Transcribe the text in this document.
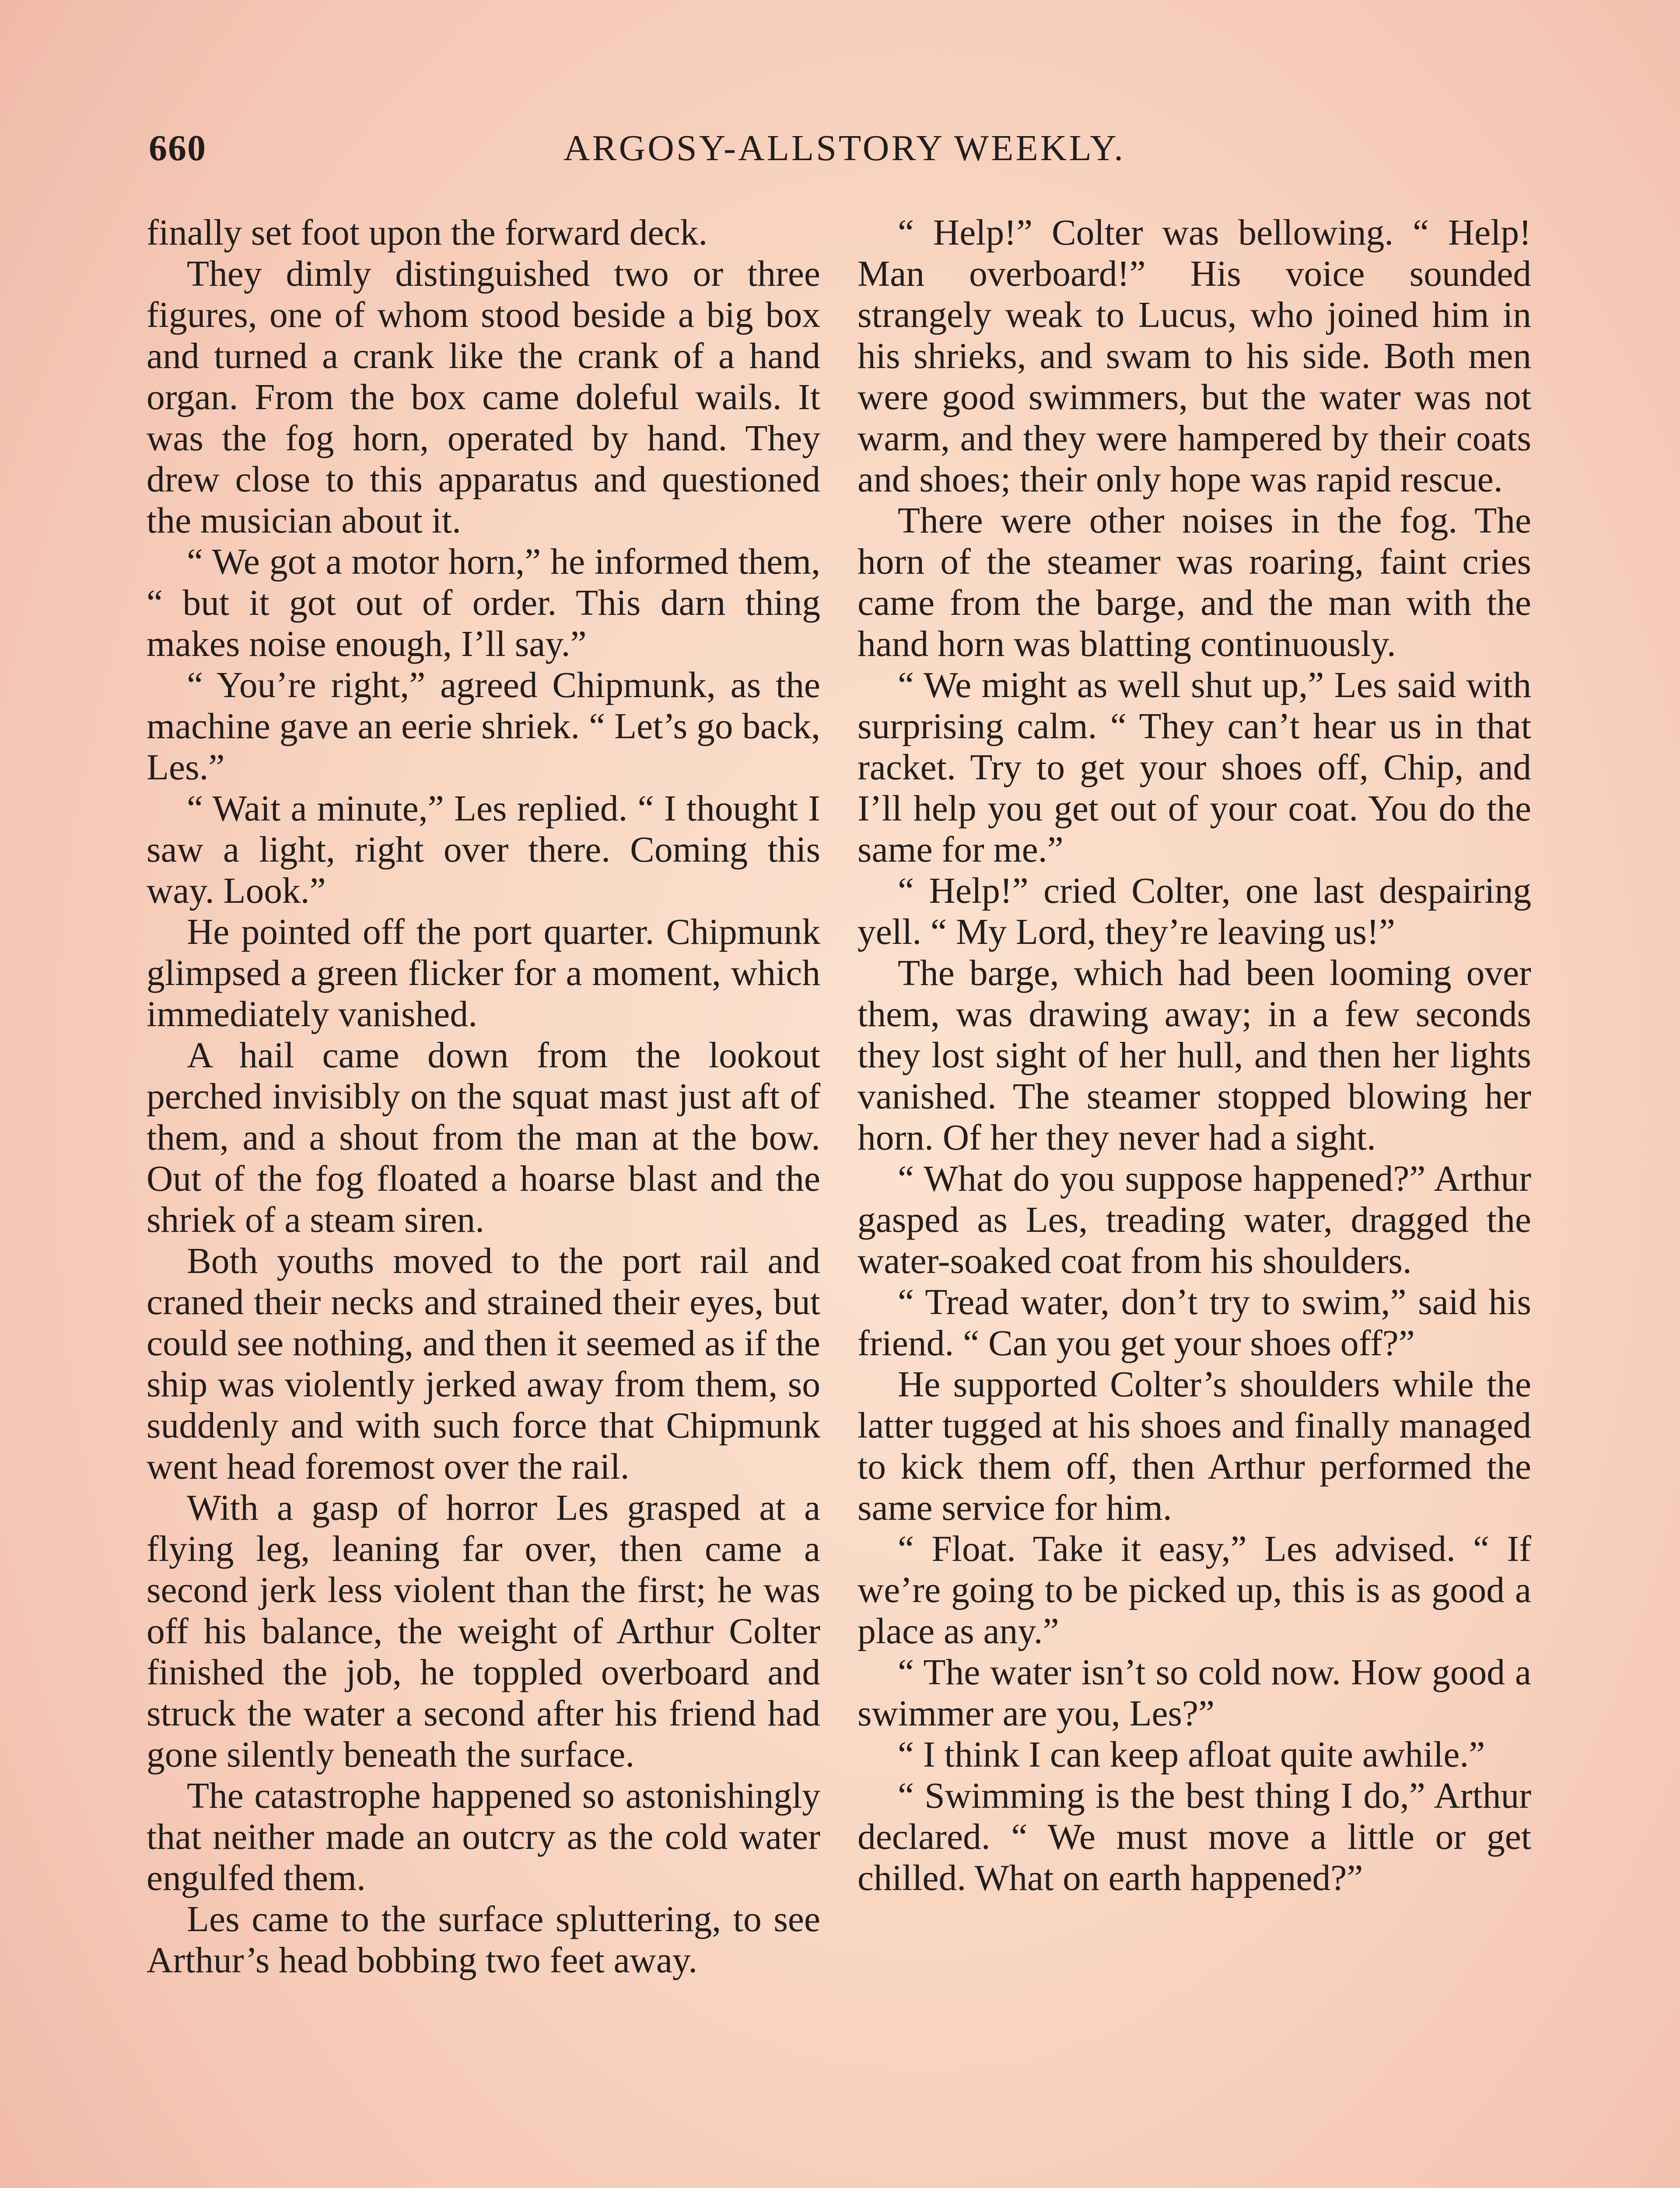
660	ARGOSY-ALLSTORY WEEKLY.

finally set foot upon the forward deck.

They dimly distinguished two or three figures, one of whom stood beside a big box and turned a crank like the crank of a hand organ. From the box came doleful wails. It was the fog horn, operated by hand. They drew close to this apparatus and questioned the musician about it.

“ We got a motor horn,” he informed them, “ but it got out of order. This darn thing makes noise enough, I’ll say.”

“ You’re right,” agreed Chipmunk, as the machine gave an eerie shriek. “ Let’s go back, Les.”

“ Wait a minute,” Les replied. “ I thought I saw a light, right over there. Coming this way. Look.”

He pointed off the port quarter. Chipmunk glimpsed a green flicker for a moment, which immediately vanished.

A hail came down from the lookout perched invisibly on the squat mast just aft of them, and a shout from the man at the bow. Out of the fog floated a hoarse blast and the shriek of a steam siren.

Both youths moved to the port rail and craned their necks and strained their eyes, but could see nothing, and then it seemed as if the ship was violently jerked away from them, so suddenly and with such force that Chipmunk went head foremost over the rail.

With a gasp of horror Les grasped at a flying leg, leaning far over, then came a second jerk less violent than the first; he was off his balance, the weight of Arthur Colter finished the job, he toppled overboard and struck the water a second after his friend had gone silently beneath the surface.

The catastrophe happened so astonishingly that neither made an outcry as the cold water engulfed them.

Les came to the surface spluttering, to see Arthur’s head bobbing two feet away.

“ Help!” Colter was bellowing. “ Help! Man overboard!” His voice sounded strangely weak to Lucus, who joined him in his shrieks, and swam to his side. Both men were good swimmers, but the water was not warm, and they were hampered by their coats and shoes; their only hope was rapid rescue.

There were other noises in the fog. The horn of the steamer was roaring, faint cries came from the barge, and the man with the hand horn was blatting continuously.

“ We might as well shut up,” Les said with surprising calm. “ They can’t hear us in that racket. Try to get your shoes off, Chip, and I’ll help you get out of your coat. You do the same for me.”

“ Help!” cried Colter, one last despairing yell. “ My Lord, they’re leaving us!”

The barge, which had been looming over them, was drawing away; in a few seconds they lost sight of her hull, and then her lights vanished. The steamer stopped blowing her horn. Of her they never had a sight.

“ What do you suppose happened?” Arthur gasped as Les, treading water, dragged the water-soaked coat from his shoulders.

“ Tread water, don’t try to swim,” said his friend. “ Can you get your shoes off?”

He supported Colter’s shoulders while the latter tugged at his shoes and finally managed to kick them off, then Arthur performed the same service for him.

“ Float. Take it easy,” Les advised. “ If we’re going to be picked up, this is as good a place as any.”

“ The water isn’t so cold now. How good a swimmer are you, Les?”

“ I think I can keep afloat quite awhile.”

“ Swimming is the best thing I do,” Arthur declared. “ We must move a little or get chilled. What on earth happened?”
